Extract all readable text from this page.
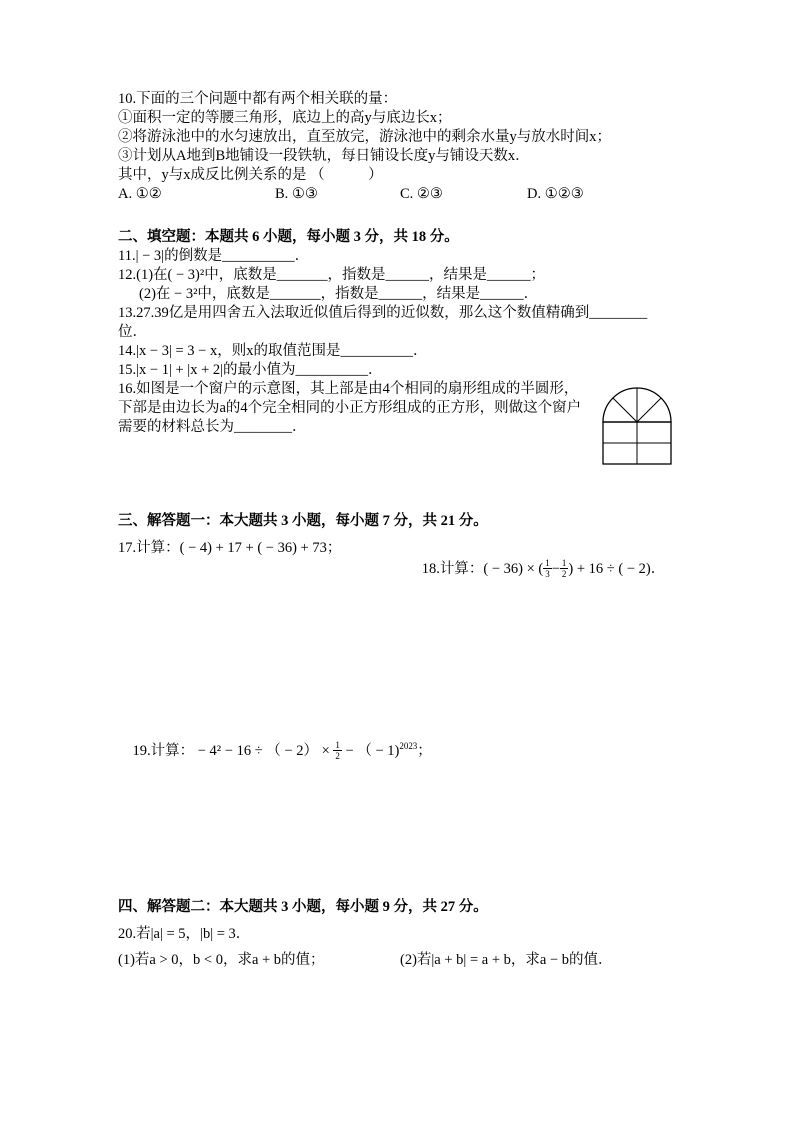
10.下面的三个问题中都有两个相关联的量：
①面积一定的等腰三角形，底边上的高y与底边长x；
②将游泳池中的水匀速放出，直至放完，游泳池中的剩余水量y与放水时间x；
③计划从A地到B地铺设一段铁轨，每日铺设长度y与铺设天数x．
其中，y与x成反比例关系的是 （　　　）
A. ①②	B. ①③	C. ②③	D. ①②③
二、填空题：本题共 6 小题，每小题 3 分，共 18 分。
11.| − 3|的倒数是__________．
12.(1)在( − 3)²中，底数是_______，指数是______，结果是______；
(2)在 − 3²中，底数是_______，指数是______，结果是______．
13.27.39亿是用四舍五入法取近似值后得到的近似数，那么这个数值精确到________位．
14.|x − 3| = 3 − x，则x的取值范围是__________．
15.|x − 1| + |x + 2|的最小值为__________．
16.如图是一个窗户的示意图，其上部是由4个相同的扇形组成的半圆形，下部是由边长为a的4个完全相同的小正方形组成的正方形，则做这个窗户需要的材料总长为________．
三、解答题一：本大题共 3 小题，每小题 7 分，共 21 分。
17.计算：( − 4) + 17 + ( − 36) + 73；

18.计算：( − 36) × ( $\frac{1}{3} - \frac{1}{2}$ ) + 16 ÷ ( − 2)．

19.计算： − 4² − 16 ÷ （ − $2) \times \frac{1}{2}$ − （ − 1)$^{2023}$；

四、解答题二：本大题共 3 小题，每小题 9 分，共 27 分。
20.若|a| = 5，|b| = 3．
(1)若a > 0，b < 0，求a + b的值；	(2)若|a + b| = a + b，求a − b的值．
